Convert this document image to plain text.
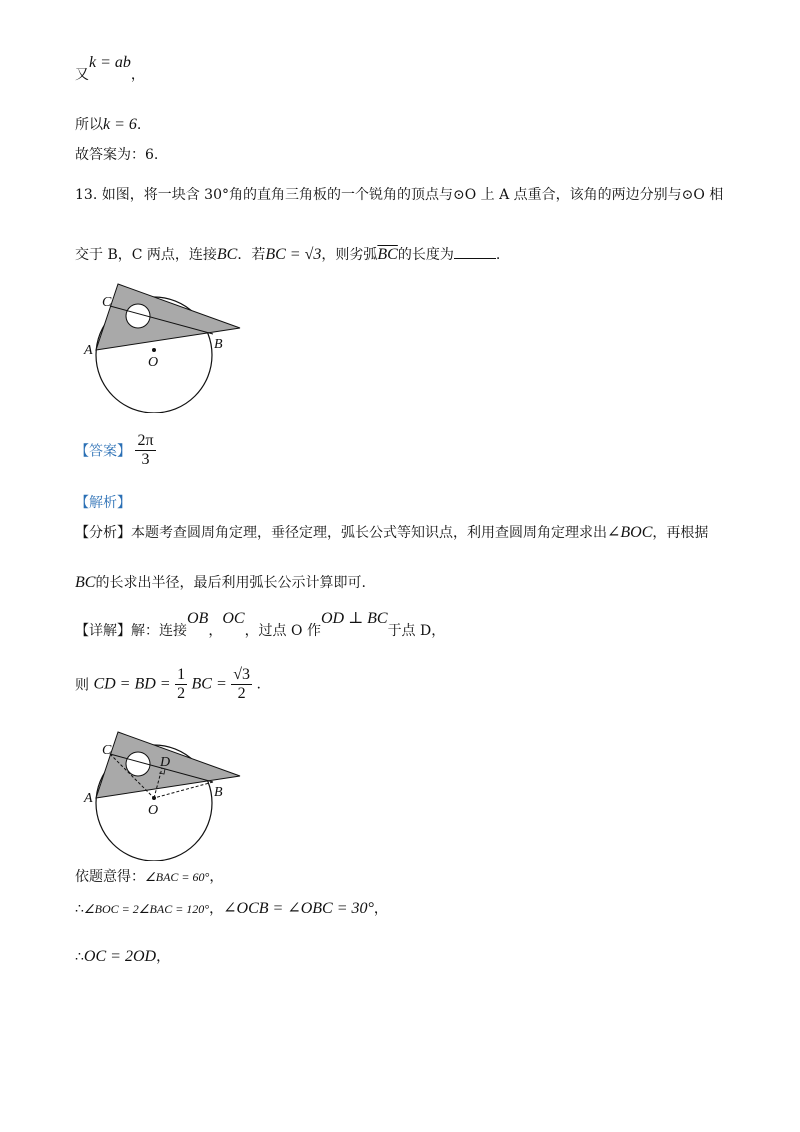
又k = ab，
所以k = 6.
故答案为：6.
13. 如图，将一块含 30°角的直角三角板的一个锐角的顶点与⊙O 上 A 点重合，该角的两边分别与⊙O 相
交于 B，C 两点，连接BC．若BC = √3，则劣弧$\overline{BC}$的长度为	.
C
A	B
O
【答案】 $\frac{2\pi}{3}$
【解析】
【分析】本题考查圆周角定理，垂径定理，弧长公式等知识点，利用查圆周角定理求出∠BOC，再根据
BC的长求出半径，最后利用弧长公示计算即可.
【详解】解：连接OB，OC，过点 O 作OD ⊥ BC于点 D，
则 CD = BD = $\frac{1}{2}$ BC = $\frac{√3}{2}$ .
C
A	B
O
D
依题意得：∠BAC = 60°，
∴∠BOC = 2∠BAC = 120°，∠OCB = ∠OBC = 30°，
∴OC = 2OD，
